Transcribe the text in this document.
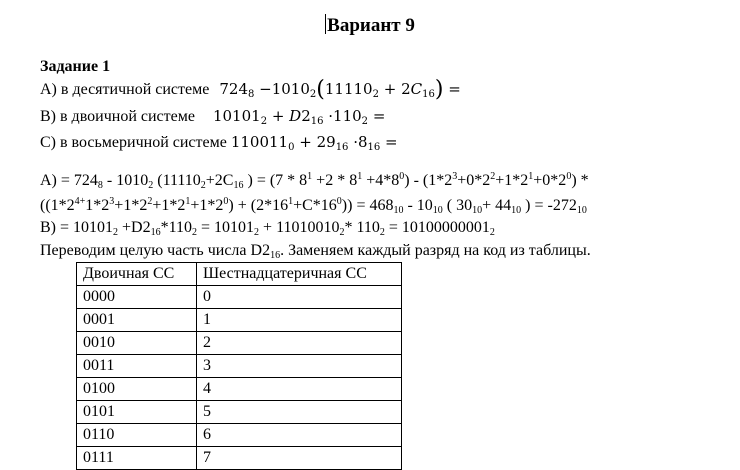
Вариант 9
Задание 1
А) в десятичной системе $724_8 -1010_2(11110_2 + 2C_{16})$ =
В) в двоичной системе $10101_2 + D2_{16} \cdot 110_2$ =
С) в восьмеричной системе $110011_0 + 29_{16} \cdot 8_{16}$ =
$А) = 724_8 - 1010_2$ ($11110_2+2C_{16}$ ) = $(7 * 8^1 +2 * 8^1 +4*8^0) - (1*2^3+0*2^2+1*2^1+0*2^0)$ *
$((1*2^{4+}1*2^3+1*2^2+1*2^1+1*2^0) + (2*16^1+C*16^0)) = 468_{10} - 10_{10}$ ( $30_{10}+ 44_{10}$ ) = $-272_{10}$
$В) = 10101_2 +D2_{16}*110_2 = 10101_2 + 11010010_2*$ $110_2 = 10100000001_2$
Переводим целую часть числа $D2_{16}$. Заменяем каждый разряд на код из таблицы.
Двоичная СС	Шестнадцатеричная СС
0000	0
0001	1
0010	2
0011	3
0100	4
0101	5
0110	6
0111	7
